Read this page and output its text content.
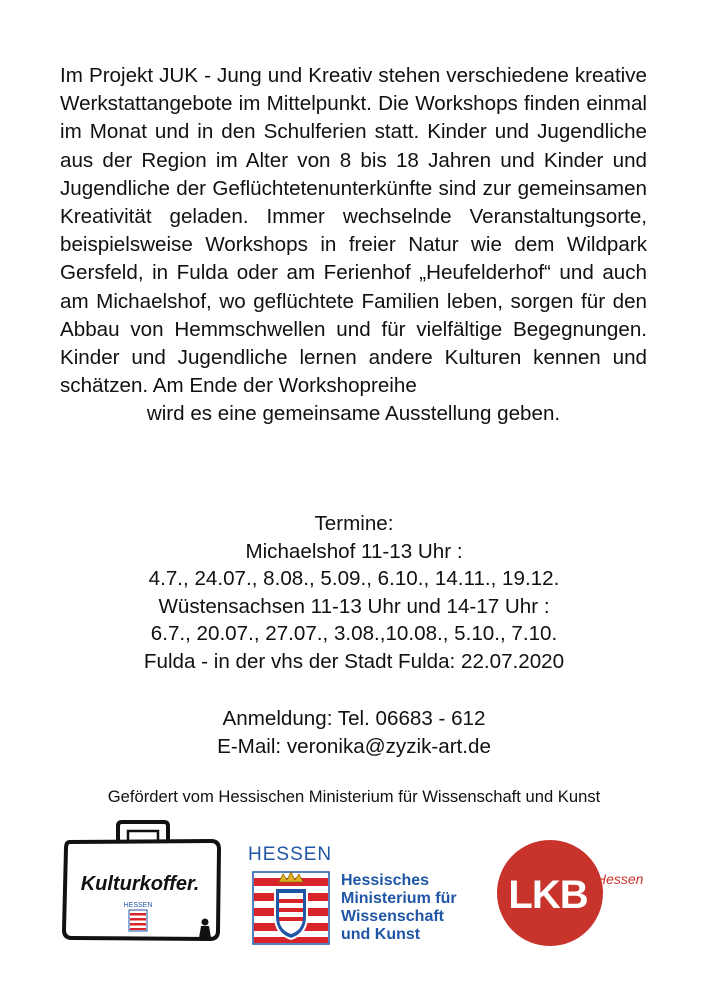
Im Projekt JUK - Jung und Kreativ stehen verschiedene kreative Werkstattangebote im Mittelpunkt. Die Workshops finden einmal im Monat und in den Schulferien statt. Kinder und Jugendliche aus der Region im Alter von 8 bis 18 Jahren und Kinder und Jugendliche der Geflüchtetenunterkünfte sind zur gemeinsamen Kreativität geladen. Immer wechselnde Veranstaltungsorte, beispielsweise Workshops in freier Natur wie dem Wildpark Gersfeld, in Fulda oder am Ferienhof „Heufelderhof“ und auch am Michaelshof, wo geflüchtete Familien leben, sorgen für den Abbau von Hemmschwellen und für vielfältige Begegnungen. Kinder und Jugendliche lernen andere Kulturen kennen und schätzen. Am Ende der Workshopreihe
wird es eine gemeinsame Ausstellung geben.

Termine:
Michaelshof 11-13 Uhr :
4.7., 24.07., 8.08., 5.09., 6.10., 14.11., 19.12.
Wüstensachsen 11-13 Uhr und 14-17 Uhr :
6.7., 20.07., 27.07., 3.08.,10.08., 5.10., 7.10.
Fulda - in der vhs der Stadt Fulda: 22.07.2020
Anmeldung: Tel. 06683 - 612
E-Mail: veronika@zyzik-art.de
Gefördert vom Hessischen Ministerium für Wissenschaft und Kunst
Kulturkoffer.
HESSEN
HESSEN
Hessisches Ministerium für Wissenschaft und Kunst
LKB Hessen
